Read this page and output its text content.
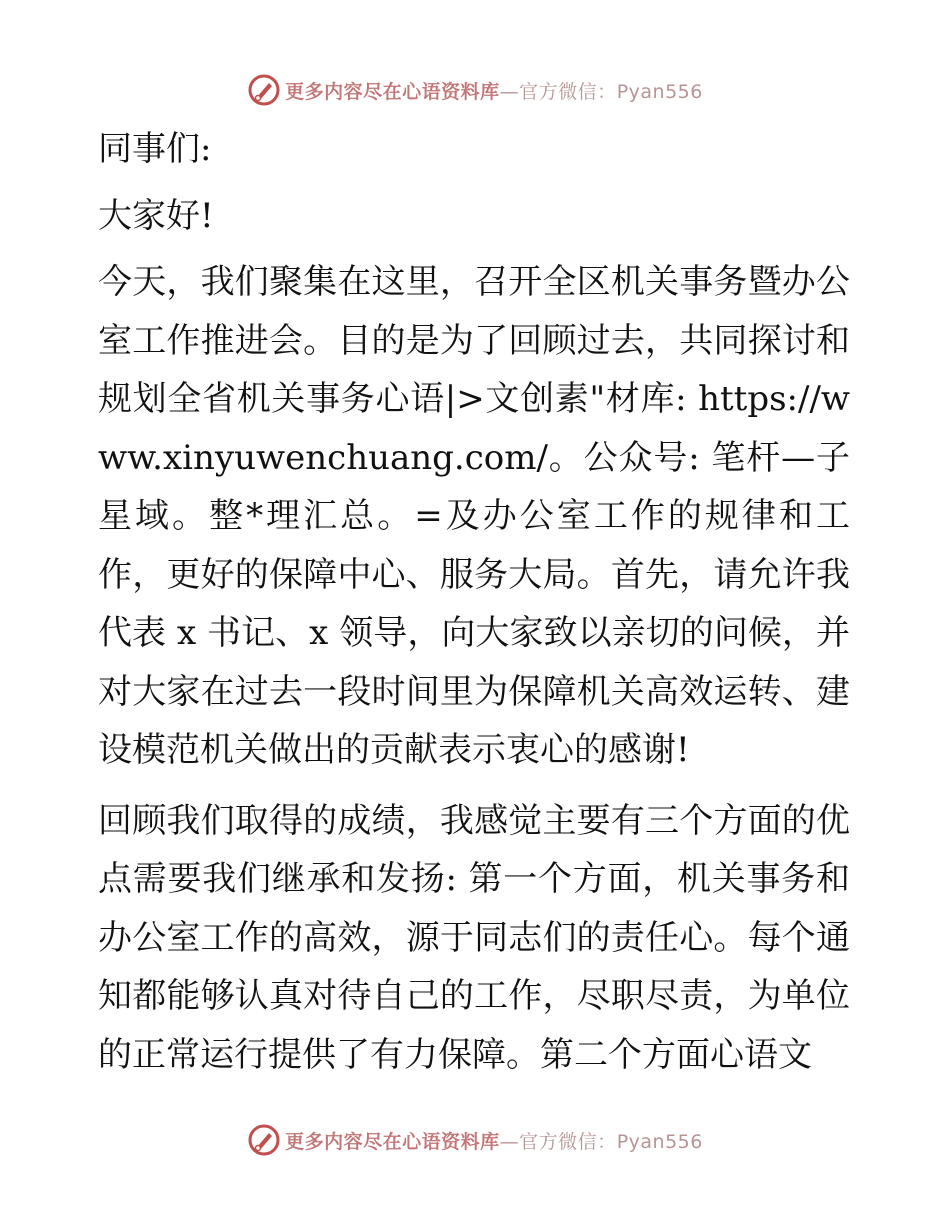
更多内容尽在心语资料库—官方微信：Pyan556

同事们:

大家好!

今天，我们聚集在这里，召开全区机关事务暨办公室工作推进会。目的是为了回顾过去，共同探讨和规划全省机关事务心语|>文创素"材库: https://www.xinyuwenchuang.com/。公众号: 笔杆—子星域。整*理汇总。=及办公室工作的规律和工作，更好的保障中心、服务大局。首先，请允许我代表 x 书记、x 领导，向大家致以亲切的问候，并对大家在过去一段时间里为保障机关高效运转、建设模范机关做出的贡献表示衷心的感谢!

回顾我们取得的成绩，我感觉主要有三个方面的优点需要我们继承和发扬: 第一个方面，机关事务和办公室工作的高效，源于同志们的责任心。每个通知都能够认真对待自己的工作，尽职尽责，为单位的正常运行提供了有力保障。第二个方面心语文

更多内容尽在心语资料库—官方微信：Pyan556
